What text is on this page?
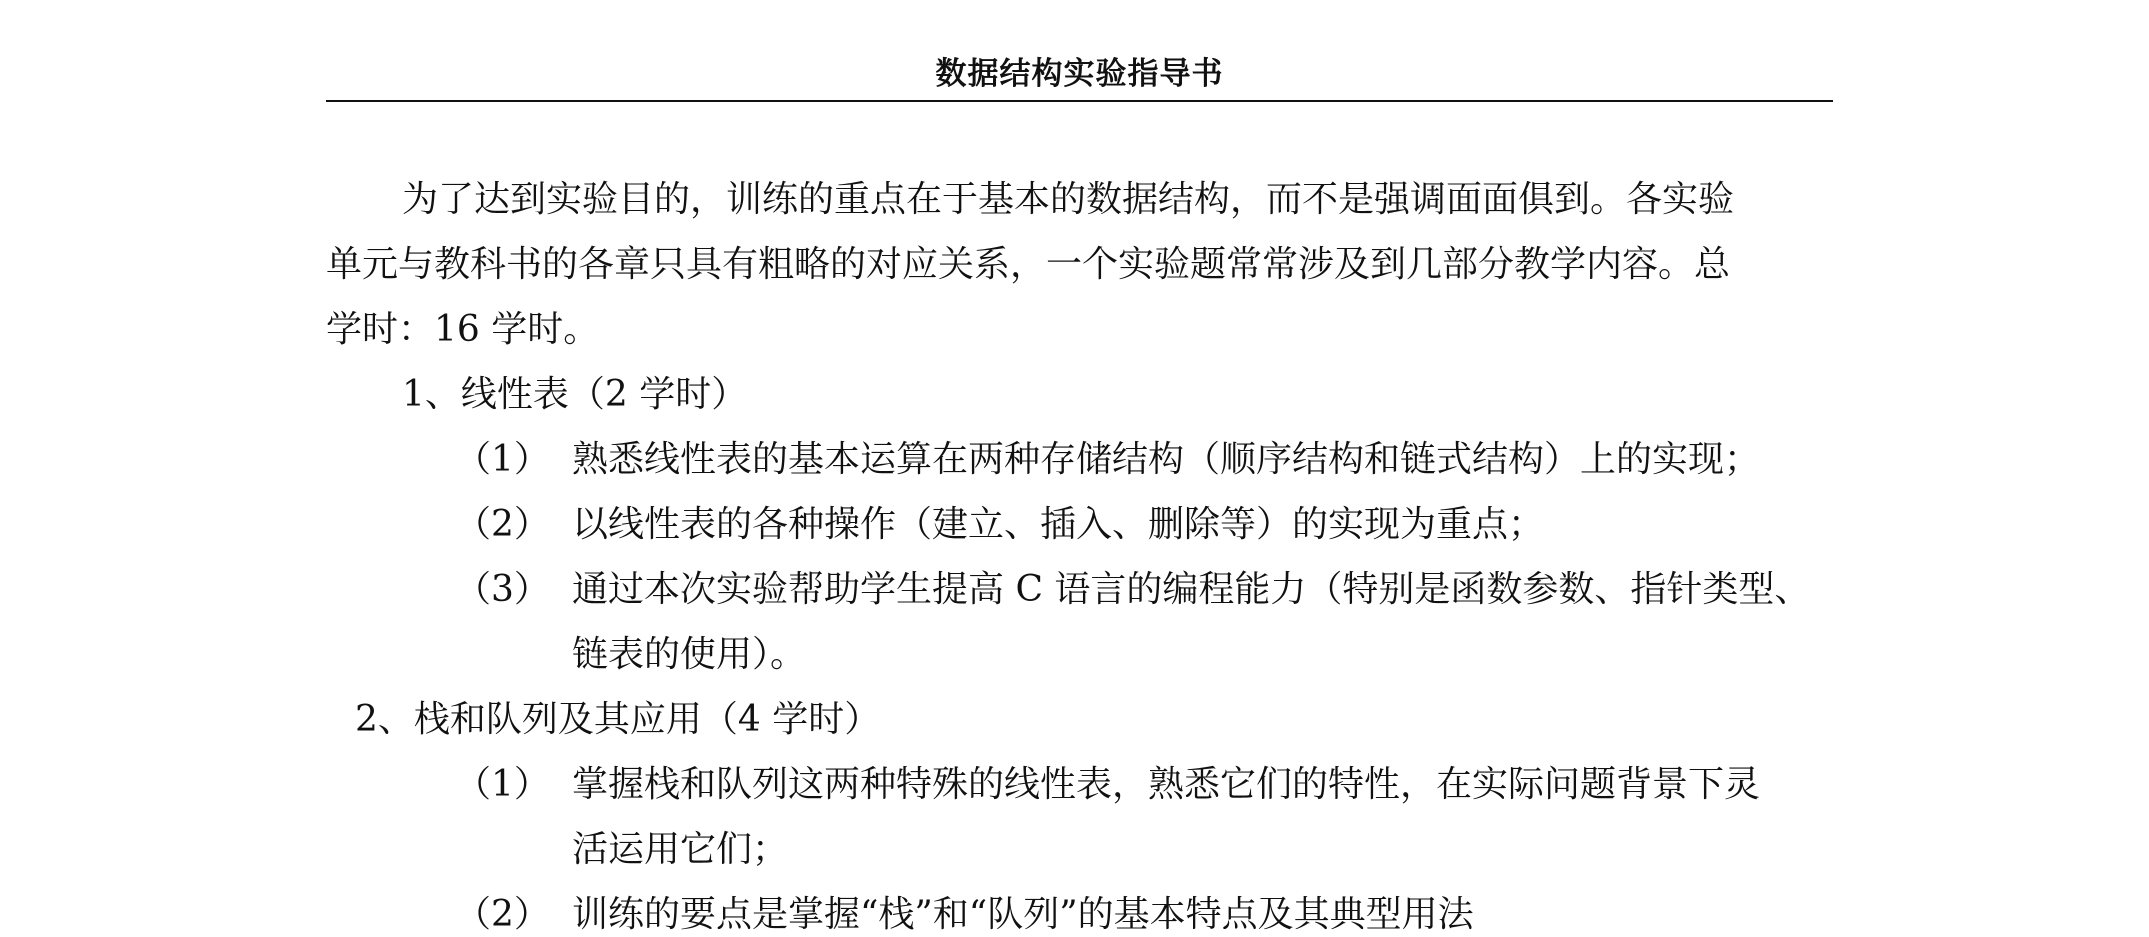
数据结构实验指导书
为了达到实验目的，训练的重点在于基本的数据结构，而不是强调面面俱到。各实验
单元与教科书的各章只具有粗略的对应关系，一个实验题常常涉及到几部分教学内容。总
学时：16 学时。
1、线性表（2 学时）
（1） 熟悉线性表的基本运算在两种存储结构（顺序结构和链式结构）上的实现；
（2） 以线性表的各种操作（建立、插入、删除等）的实现为重点；
（3） 通过本次实验帮助学生提高 C 语言的编程能力（特别是函数参数、指针类型、
链表的使用）。
2、栈和队列及其应用（4 学时）
（1） 掌握栈和队列这两种特殊的线性表，熟悉它们的特性，在实际问题背景下灵
活运用它们；
（2） 训练的要点是掌握“栈”和“队列”的基本特点及其典型用法
